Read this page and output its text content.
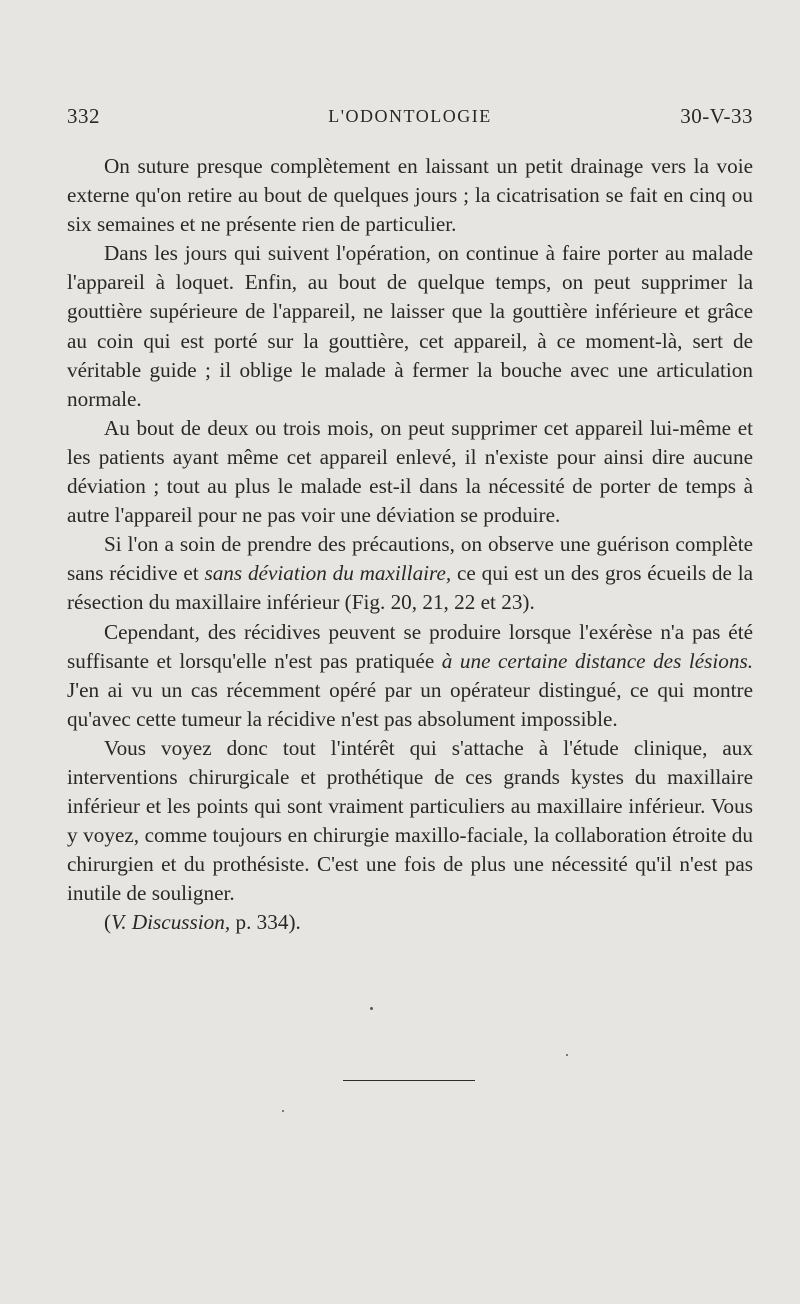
332	L'ODONTOLOGIE	30-V-33

On suture presque complètement en laissant un petit drainage vers la voie externe qu'on retire au bout de quelques jours ; la cicatrisation se fait en cinq ou six semaines et ne présente rien de particulier.

Dans les jours qui suivent l'opération, on continue à faire porter au malade l'appareil à loquet. Enfin, au bout de quelque temps, on peut supprimer la gouttière supérieure de l'appareil, ne laisser que la gouttière inférieure et grâce au coin qui est porté sur la gouttière, cet appareil, à ce moment-là, sert de véritable guide ; il oblige le malade à fermer la bouche avec une articulation normale.

Au bout de deux ou trois mois, on peut supprimer cet appareil lui-même et les patients ayant même cet appareil enlevé, il n'existe pour ainsi dire aucune déviation ; tout au plus le malade est-il dans la nécessité de porter de temps à autre l'appareil pour ne pas voir une déviation se produire.

Si l'on a soin de prendre des précautions, on observe une guérison complète sans récidive et sans déviation du maxillaire, ce qui est un des gros écueils de la résection du maxillaire inférieur (Fig. 20, 21, 22 et 23).

Cependant, des récidives peuvent se produire lorsque l'exérèse n'a pas été suffisante et lorsqu'elle n'est pas pratiquée à une certaine distance des lésions. J'en ai vu un cas récemment opéré par un opérateur distingué, ce qui montre qu'avec cette tumeur la récidive n'est pas absolument impossible.

Vous voyez donc tout l'intérêt qui s'attache à l'étude clinique, aux interventions chirurgicale et prothétique de ces grands kystes du maxillaire inférieur et les points qui sont vraiment particuliers au maxillaire inférieur. Vous y voyez, comme toujours en chirurgie maxillo-faciale, la collaboration étroite du chirurgien et du prothésiste. C'est une fois de plus une nécessité qu'il n'est pas inutile de souligner.

(V. Discussion, p. 334).
